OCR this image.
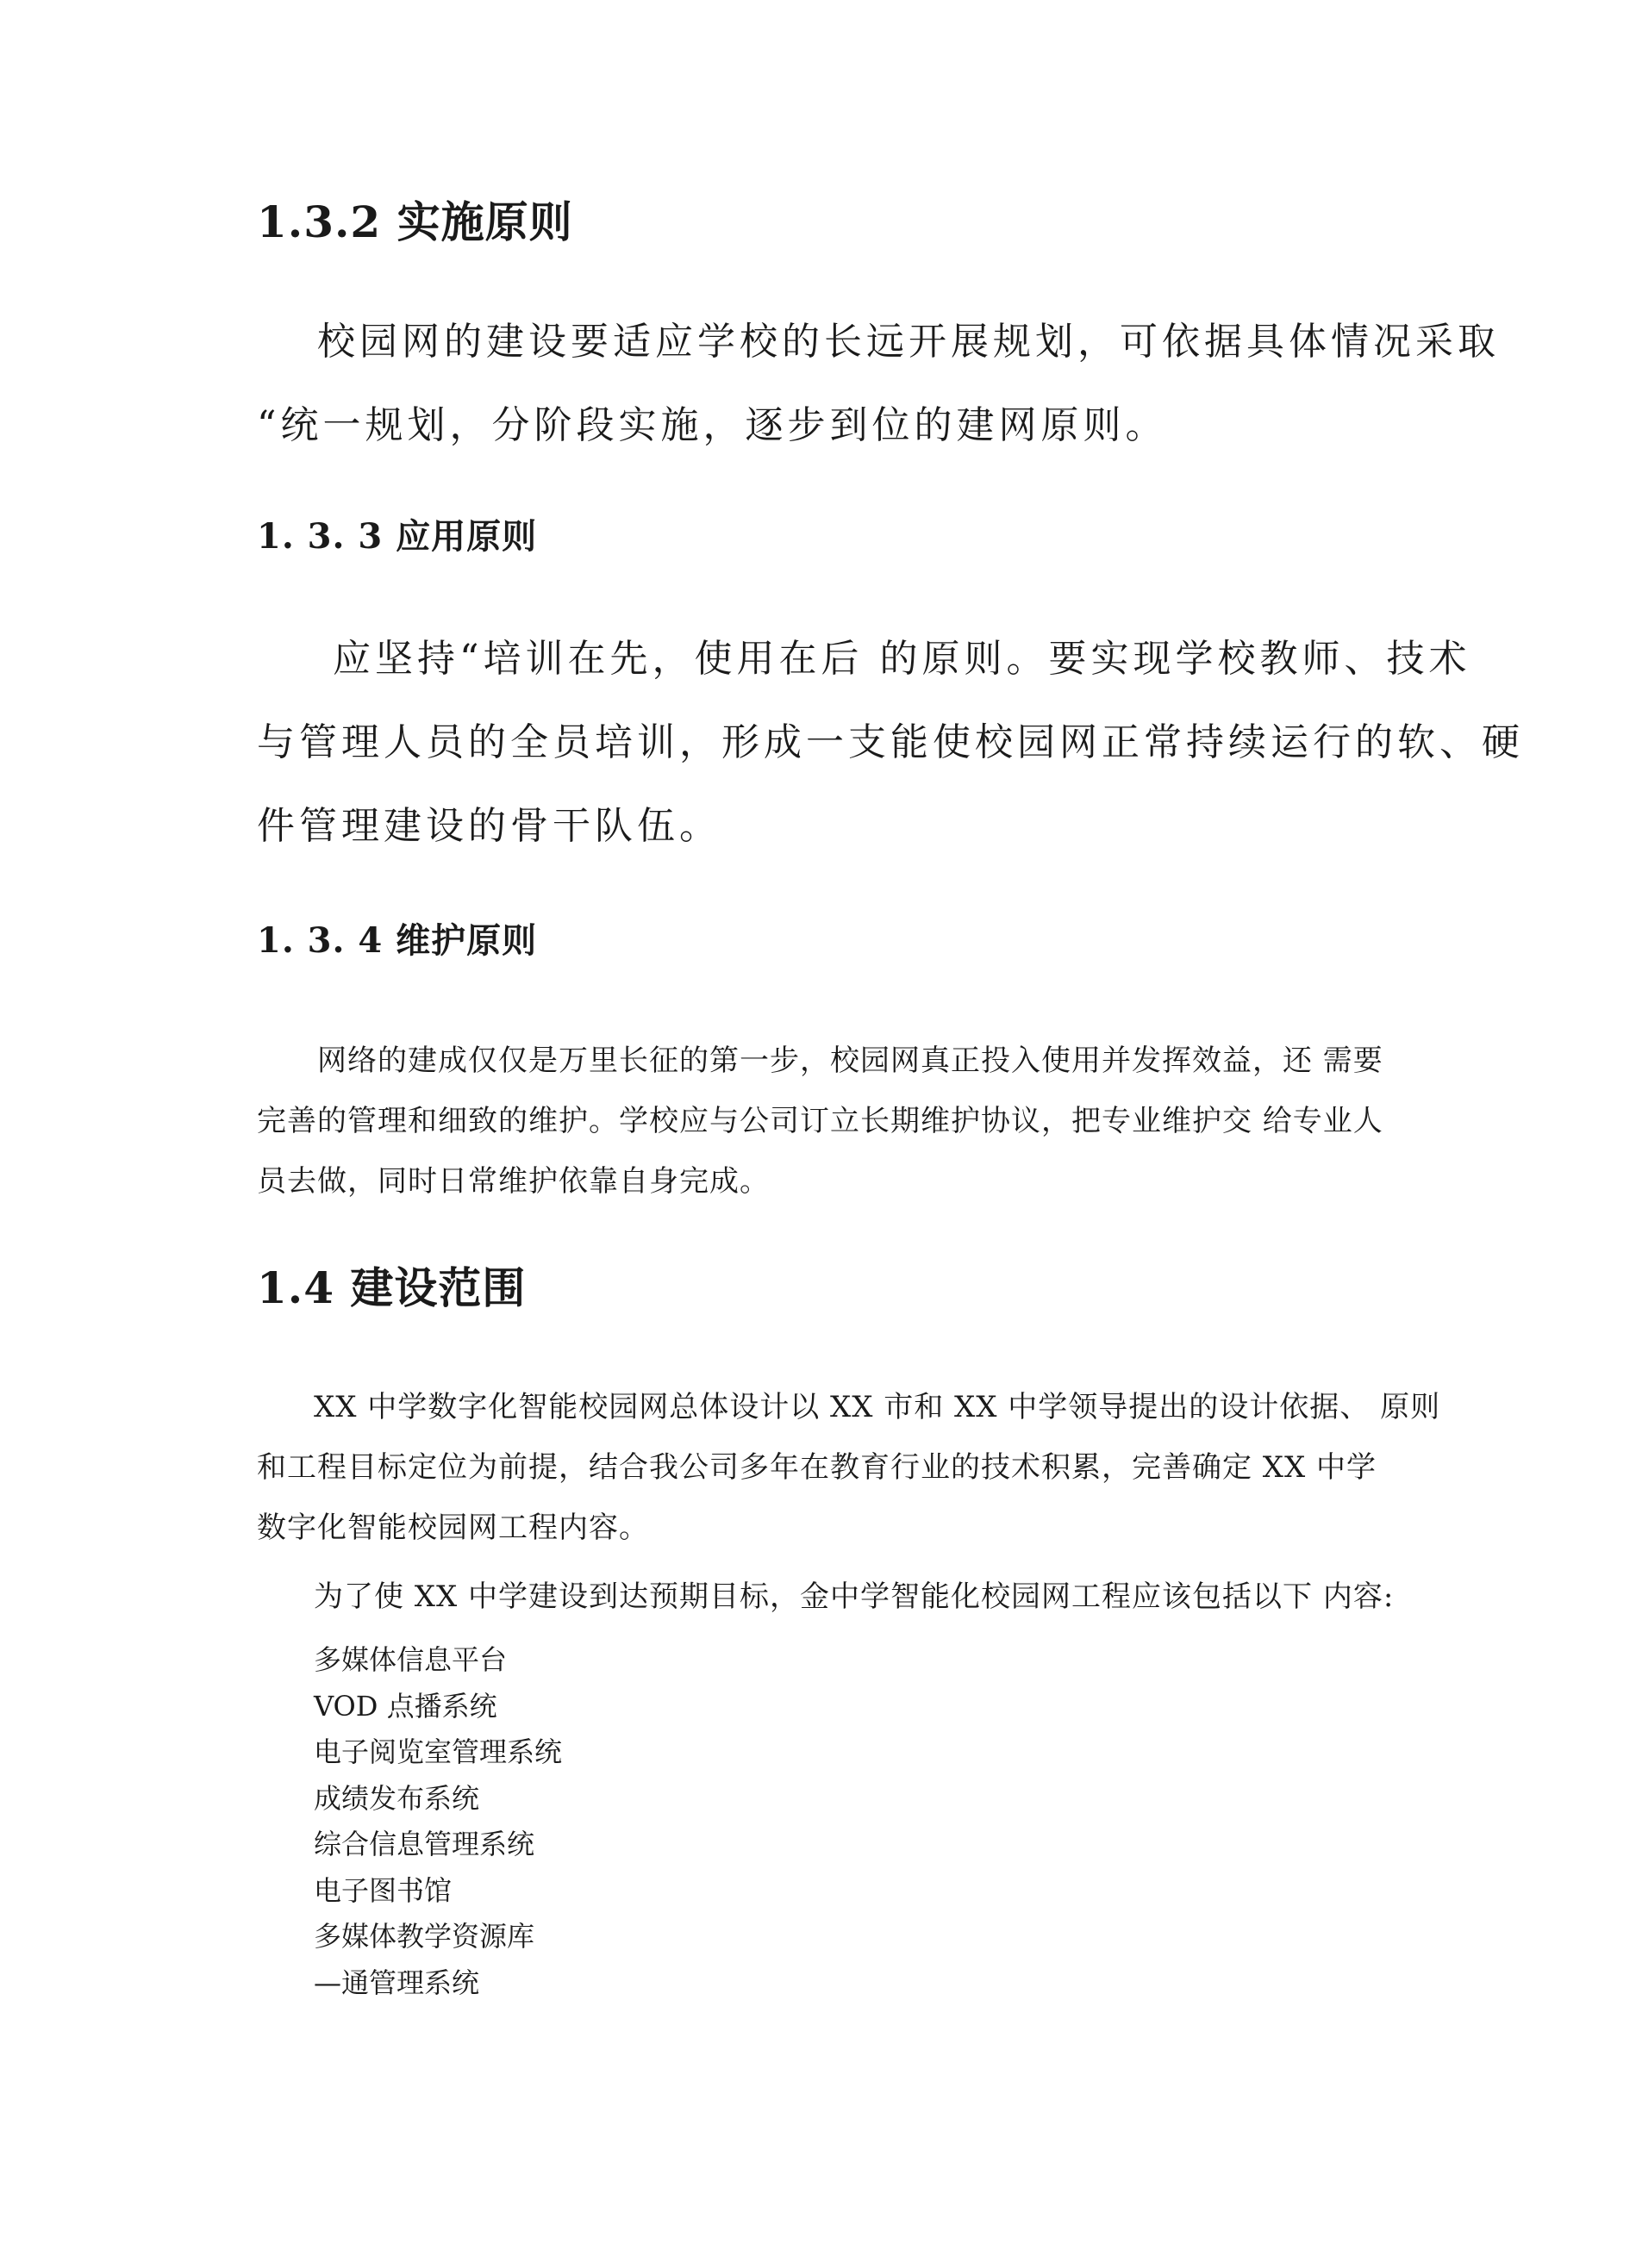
1.3.2 实施原则

校园网的建设要适应学校的长远开展规划，可依据具体情况采取
“统一规划，分阶段实施，逐步到位的建网原则。

1. 3. 3 应用原则

应坚持“培训在先，使用在后 的原则。要实现学校教师、技术
与管理人员的全员培训，形成一支能使校园网正常持续运行的软、硬
件管理建设的骨干队伍。

1. 3. 4 维护原则

网络的建成仅仅是万里长征的第一步，校园网真正投入使用并发挥效益，还 需要
完善的管理和细致的维护。学校应与公司订立长期维护协议，把专业维护交 给专业人
员去做，同时日常维护依靠自身完成。

1.4 建设范围

XX 中学数字化智能校园网总体设计以 XX 市和 XX 中学领导提出的设计依据、 原则
和工程目标定位为前提，结合我公司多年在教育行业的技术积累，完善确定 XX 中学
数字化智能校园网工程内容。

为了使 XX 中学建设到达预期目标，金中学智能化校园网工程应该包括以下 内容:

多媒体信息平台
VOD 点播系统
电子阅览室管理系统
成绩发布系统
综合信息管理系统
电子图书馆
多媒体教学资源库
—通管理系统
